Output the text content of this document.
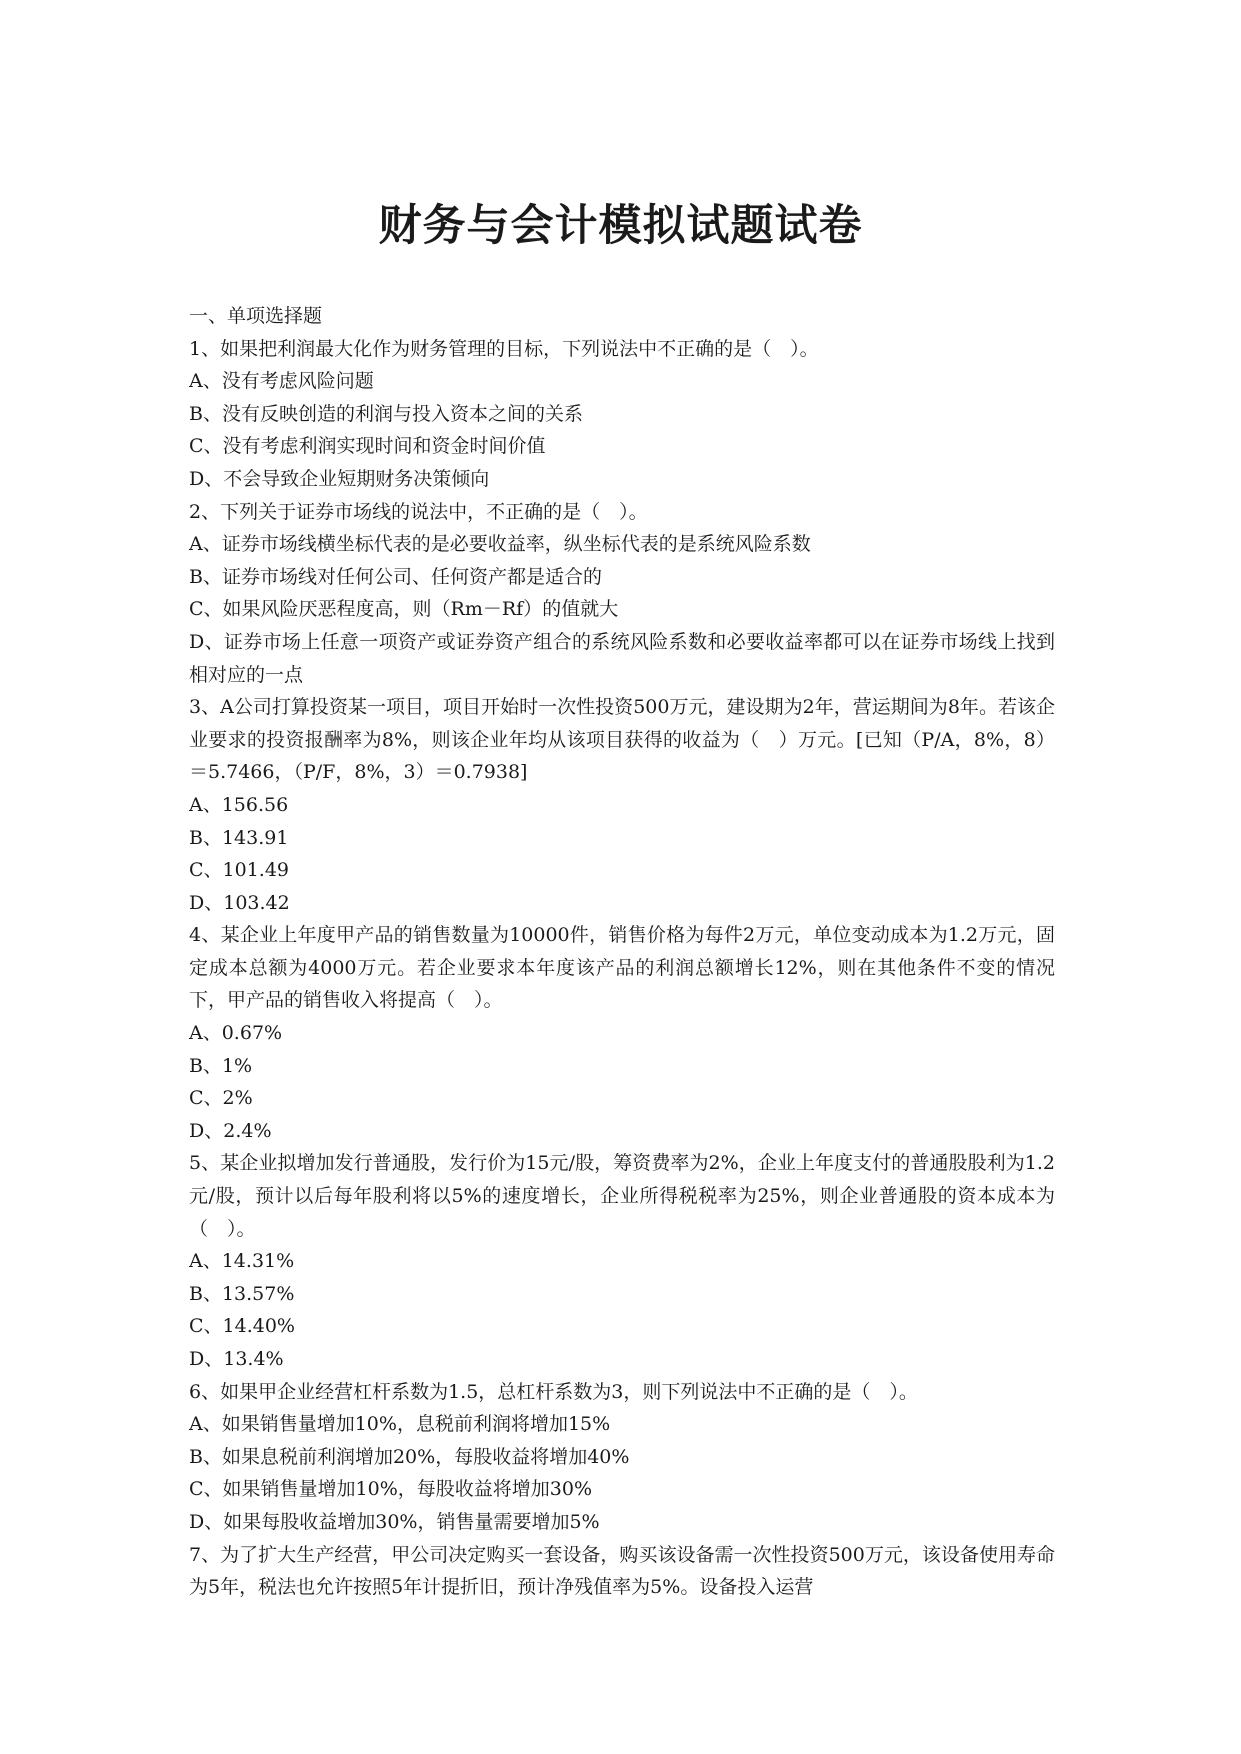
财务与会计模拟试题试卷

一、单项选择题

1、如果把利润最大化作为财务管理的目标，下列说法中不正确的是（　）。

A、没有考虑风险问题

B、没有反映创造的利润与投入资本之间的关系

C、没有考虑利润实现时间和资金时间价值

D、不会导致企业短期财务决策倾向

2、下列关于证券市场线的说法中，不正确的是（　）。

A、证券市场线横坐标代表的是必要收益率，纵坐标代表的是系统风险系数

B、证券市场线对任何公司、任何资产都是适合的

C、如果风险厌恶程度高，则（Rm－Rf）的值就大

D、证券市场上任意一项资产或证券资产组合的系统风险系数和必要收益率都可以在证券市场线上找到相对应的一点

3、A公司打算投资某一项目，项目开始时一次性投资500万元，建设期为2年，营运期间为8年。若该企业要求的投资报酬率为8%，则该企业年均从该项目获得的收益为（　）万元。[已知（P/A，8%，8）＝5.7466，（P/F，8%，3）＝0.7938]

A、156.56

B、143.91

C、101.49

D、103.42

4、某企业上年度甲产品的销售数量为10000件，销售价格为每件2万元，单位变动成本为1.2万元，固定成本总额为4000万元。若企业要求本年度该产品的利润总额增长12%，则在其他条件不变的情况下，甲产品的销售收入将提高（　）。

A、0.67%

B、1%

C、2%

D、2.4%

5、某企业拟增加发行普通股，发行价为15元/股，筹资费率为2%，企业上年度支付的普通股股利为1.2元/股，预计以后每年股利将以5%的速度增长，企业所得税税率为25%，则企业普通股的资本成本为（　）。

A、14.31%

B、13.57%

C、14.40%

D、13.4%

6、如果甲企业经营杠杆系数为1.5，总杠杆系数为3，则下列说法中不正确的是（　）。

A、如果销售量增加10%，息税前利润将增加15%

B、如果息税前利润增加20%，每股收益将增加40%

C、如果销售量增加10%，每股收益将增加30%

D、如果每股收益增加30%，销售量需要增加5%

7、为了扩大生产经营，甲公司决定购买一套设备，购买该设备需一次性投资500万元，该设备使用寿命为5年，税法也允许按照5年计提折旧，预计净残值率为5%。设备投入运营
